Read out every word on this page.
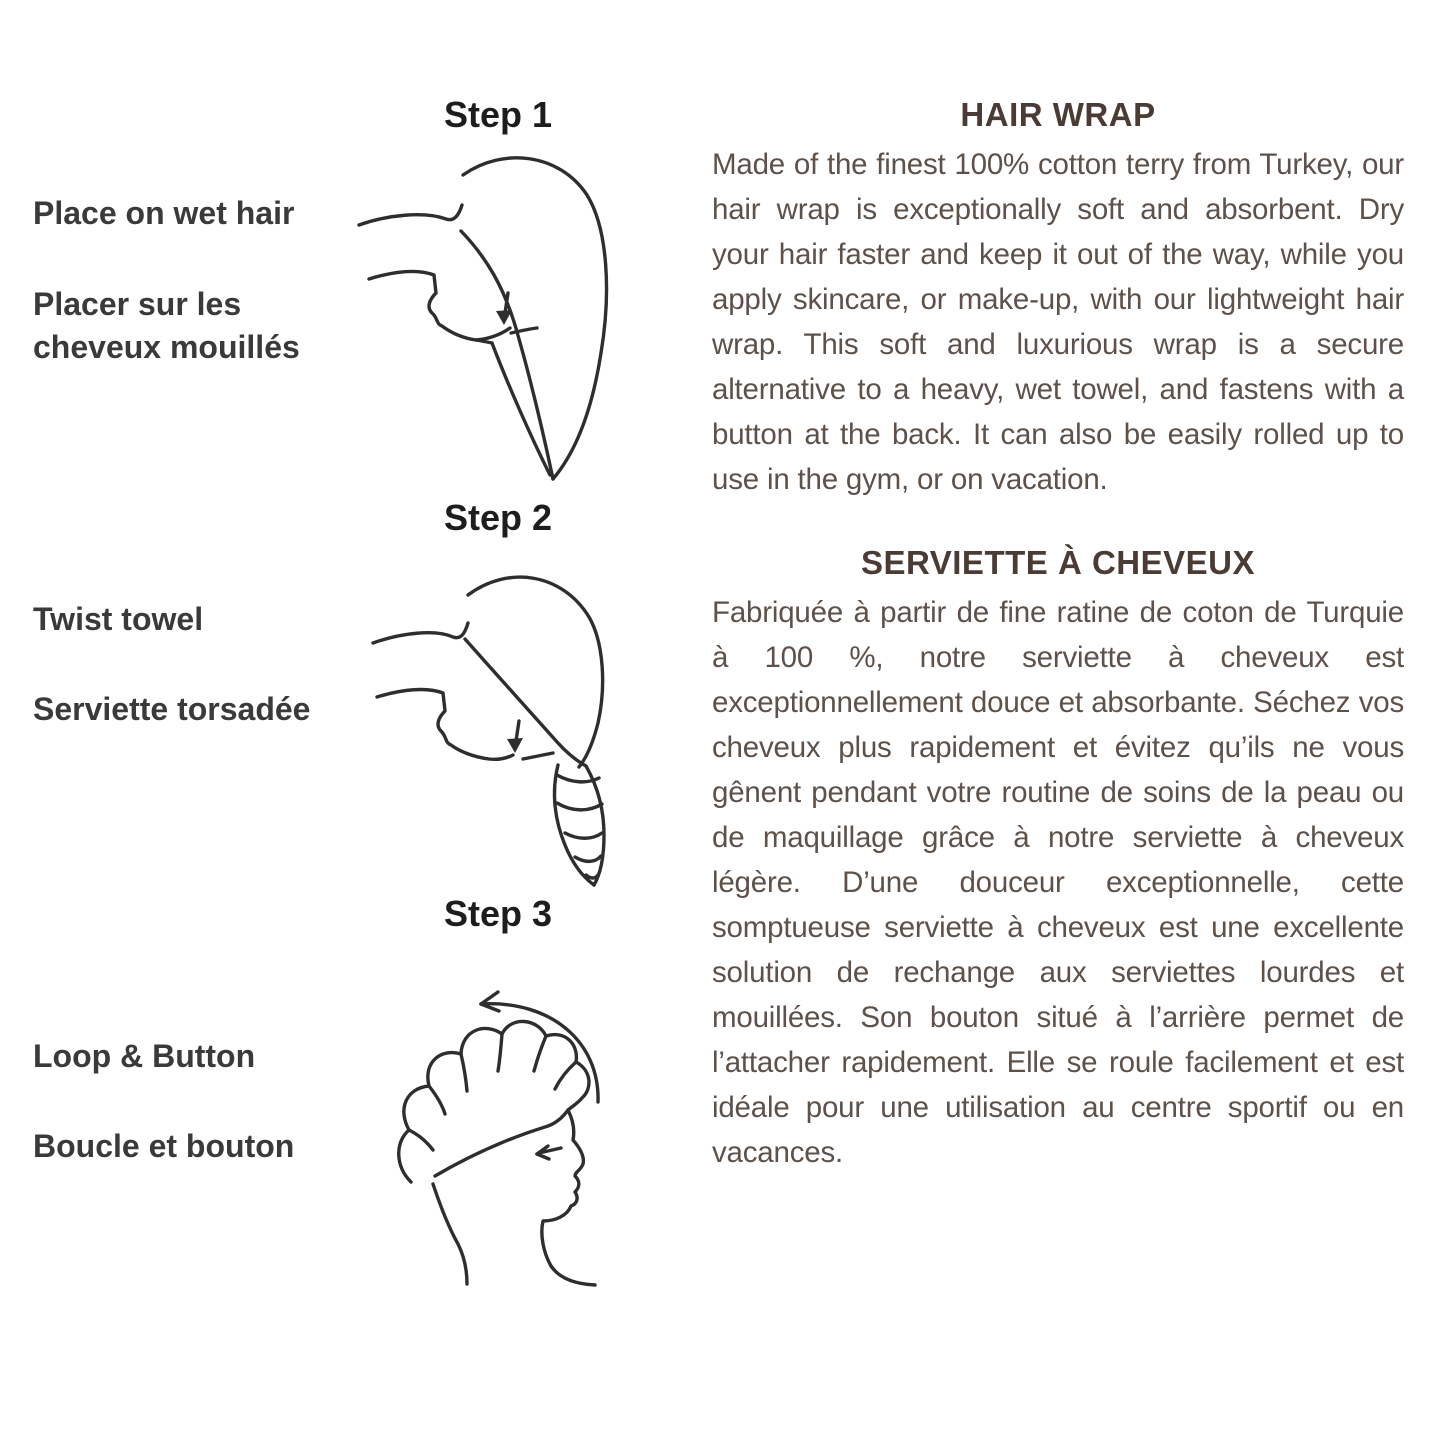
Step 1
Place on wet hair
Placer sur les cheveux mouillés
Step 2
Twist towel
Serviette torsadée
Step 3
Loop & Button
Boucle et bouton
HAIR WRAP

Made of the finest 100% cotton terry from Turkey, our hair wrap is exceptionally soft and absorbent. Dry your hair faster and keep it out of the way, while you apply skincare, or make-up, with our lightweight hair wrap. This soft and luxurious wrap is a secure alternative to a heavy, wet towel, and fastens with a button at the back. It can also be easily rolled up to use in the gym, or on vacation.

SERVIETTE À CHEVEUX

Fabriquée à partir de fine ratine de coton de Turquie à 100 %, notre serviette à cheveux est exceptionnellement douce et absorbante. Séchez vos cheveux plus rapidement et évitez qu’ils ne vous gênent pendant votre routine de soins de la peau ou de maquillage grâce à notre serviette à cheveux légère. D’une douceur exceptionnelle, cette somptueuse serviette à cheveux est une excellente solution de rechange aux serviettes lourdes et mouillées. Son bouton situé à l’arrière permet de l’attacher rapidement. Elle se roule facilement et est idéale pour une utilisation au centre sportif ou en vacances.
